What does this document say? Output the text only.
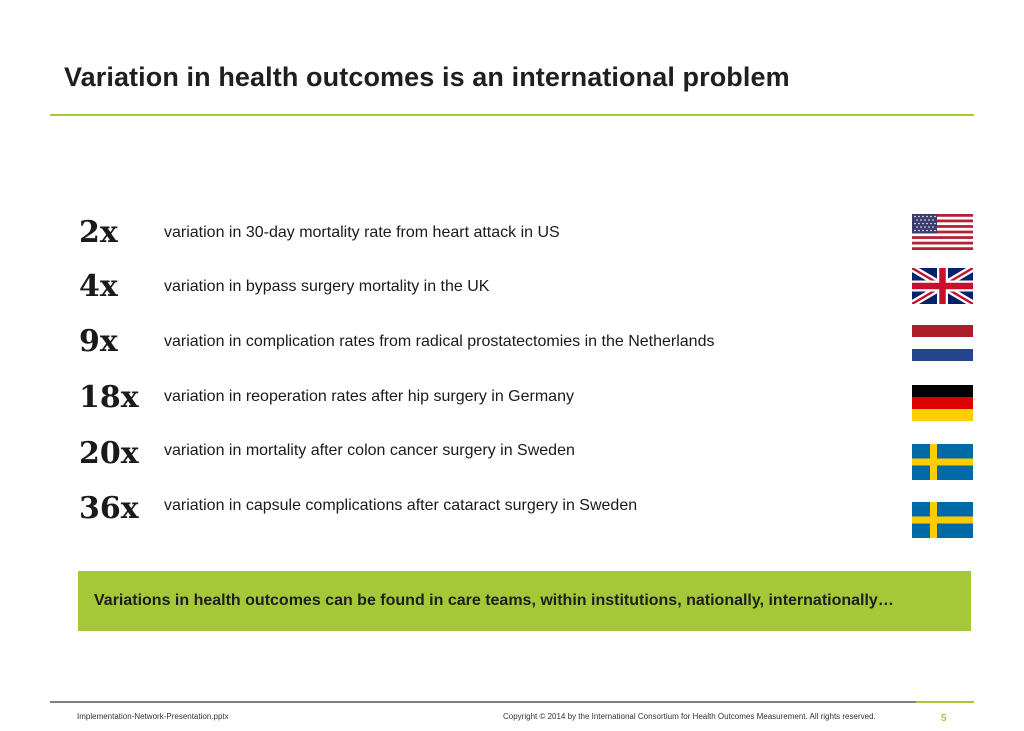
Variation in health outcomes is an international problem
2x	variation in 30-day mortality rate from heart attack in US
4x	variation in bypass surgery mortality in the UK
9x	variation in complication rates from radical prostatectomies in the Netherlands
18x variation in reoperation rates after hip surgery in Germany
20x variation in mortality after colon cancer surgery in Sweden
36x variation in capsule complications after cataract surgery in Sweden
Variations in health outcomes can be found in care teams, within institutions, nationally, internationally…
Implementation-Network-Presentation.pptx	Copyright © 2014 by the International Consortium for Health Outcomes Measurement. All rights reserved.	5
